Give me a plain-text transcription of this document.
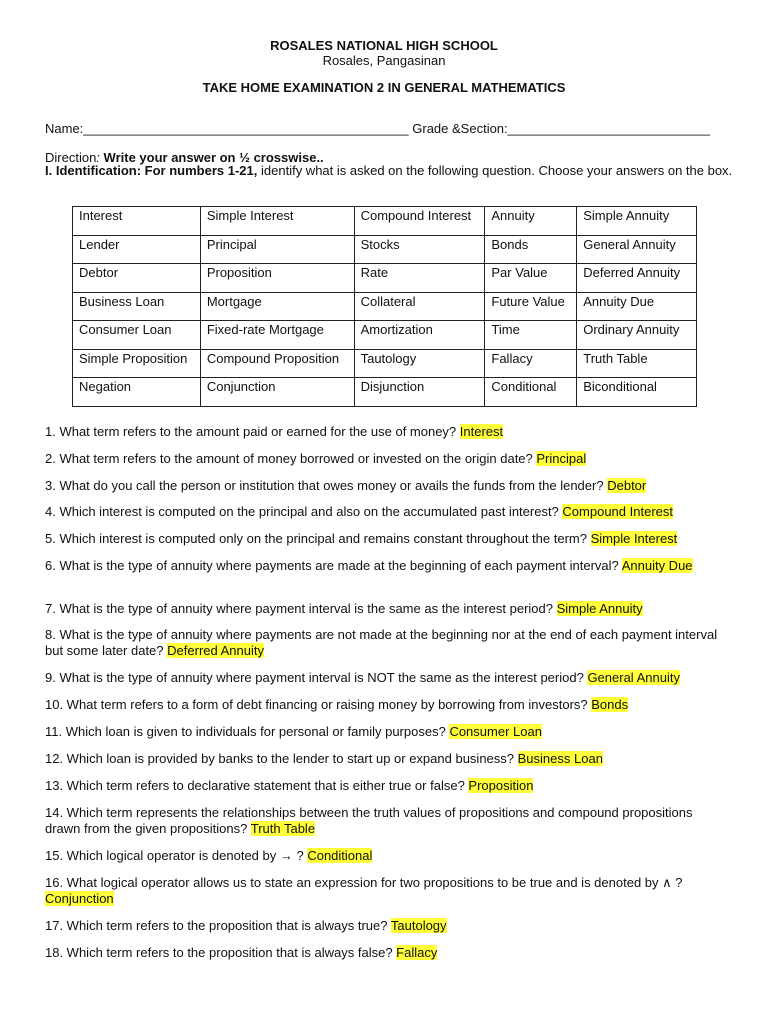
ROSALES NATIONAL HIGH SCHOOL
Rosales, Pangasinan
TAKE HOME EXAMINATION 2 IN GENERAL MATHEMATICS
Name:_____________________________________________ Grade &Section:____________________________
Direction: Write your answer on ½ crosswise..
I. Identification: For numbers 1-21, identify what is asked on the following question. Choose your answers on the box.
Interest	Simple Interest	Compound Interest	Annuity	Simple Annuity
Lender	Principal	Stocks	Bonds	General Annuity
Debtor	Proposition	Rate	Par Value	Deferred Annuity
Business Loan	Mortgage	Collateral	Future Value	Annuity Due
Consumer Loan	Fixed-rate Mortgage	Amortization	Time	Ordinary Annuity
Simple Proposition	Compound Proposition	Tautology	Fallacy	Truth Table
Negation	Conjunction	Disjunction	Conditional	Biconditional
1. What term refers to the amount paid or earned for the use of money? Interest
2. What term refers to the amount of money borrowed or invested on the origin date? Principal
3. What do you call the person or institution that owes money or avails the funds from the lender? Debtor
4. Which interest is computed on the principal and also on the accumulated past interest? Compound Interest
5. Which interest is computed only on the principal and remains constant throughout the term? Simple Interest
6. What is the type of annuity where payments are made at the beginning of each payment interval? Annuity Due
7. What is the type of annuity where payment interval is the same as the interest period? Simple Annuity
8. What is the type of annuity where payments are not made at the beginning nor at the end of each payment interval but some later date? Deferred Annuity
9. What is the type of annuity where payment interval is NOT the same as the interest period? General Annuity
10. What term refers to a form of debt financing or raising money by borrowing from investors? Bonds
11. Which loan is given to individuals for personal or family purposes? Consumer Loan
12. Which loan is provided by banks to the lender to start up or expand business? Business Loan
13. Which term refers to declarative statement that is either true or false? Proposition
14. Which term represents the relationships between the truth values of propositions and compound propositions drawn from the given propositions? Truth Table
15. Which logical operator is denoted by → ? Conditional
16. What logical operator allows us to state an expression for two propositions to be true and is denoted by ∧ ? Conjunction
17. Which term refers to the proposition that is always true? Tautology
18. Which term refers to the proposition that is always false? Fallacy
